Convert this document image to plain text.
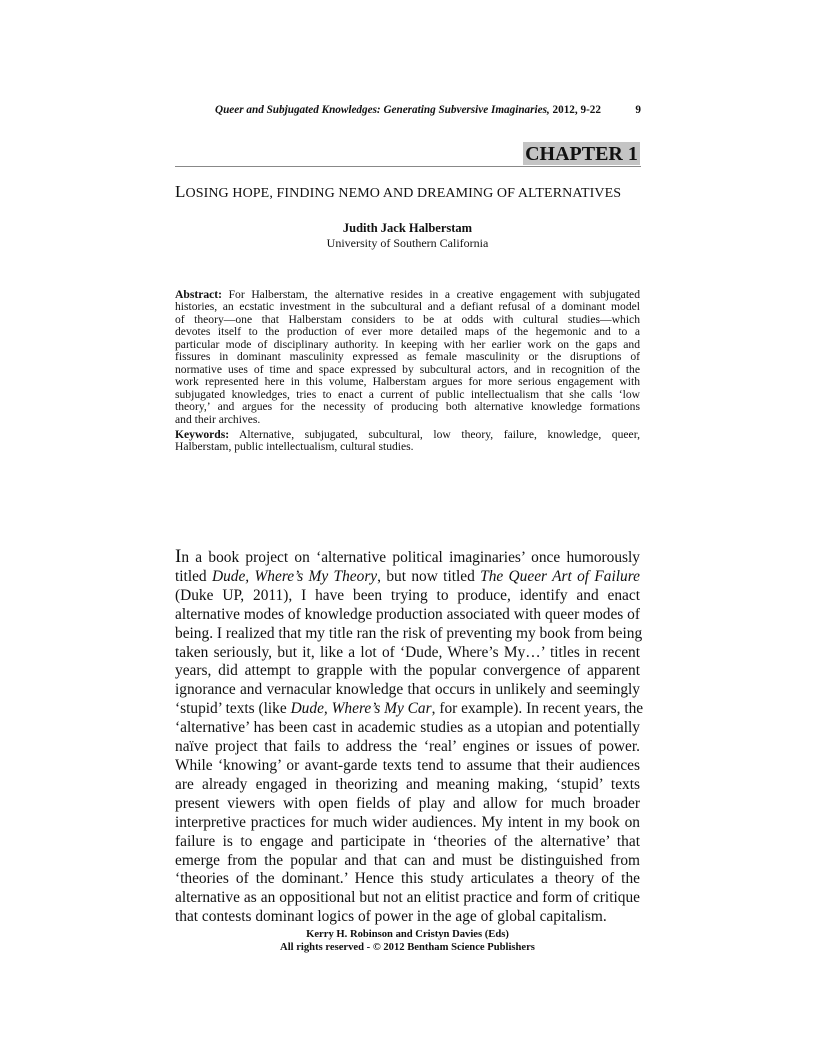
Queer and Subjugated Knowledges: Generating Subversive Imaginaries, 2012, 9-22	9
CHAPTER 1
LOSING HOPE, FINDING NEMO AND DREAMING OF ALTERNATIVES
Judith Jack Halberstam
University of Southern California
Abstract: For Halberstam, the alternative resides in a creative engagement with subjugated
histories, an ecstatic investment in the subcultural and a defiant refusal of a dominant model
of theory—one that Halberstam considers to be at odds with cultural studies—which
devotes itself to the production of ever more detailed maps of the hegemonic and to a
particular mode of disciplinary authority. In keeping with her earlier work on the gaps and
fissures in dominant masculinity expressed as female masculinity or the disruptions of
normative uses of time and space expressed by subcultural actors, and in recognition of the
work represented here in this volume, Halberstam argues for more serious engagement with
subjugated knowledges, tries to enact a current of public intellectualism that she calls ‘low
theory,’ and argues for the necessity of producing both alternative knowledge formations
and their archives.
Keywords: Alternative, subjugated, subcultural, low theory, failure, knowledge, queer,
Halberstam, public intellectualism, cultural studies.
In a book project on ‘alternative political imaginaries’ once humorously
titled Dude, Where’s My Theory, but now titled The Queer Art of Failure
(Duke UP, 2011), I have been trying to produce, identify and enact
alternative modes of knowledge production associated with queer modes of
being. I realized that my title ran the risk of preventing my book from being
taken seriously, but it, like a lot of ‘Dude, Where’s My…’ titles in recent
years, did attempt to grapple with the popular convergence of apparent
ignorance and vernacular knowledge that occurs in unlikely and seemingly
‘stupid’ texts (like Dude, Where’s My Car, for example). In recent years, the
‘alternative’ has been cast in academic studies as a utopian and potentially
naïve project that fails to address the ‘real’ engines or issues of power.
While ‘knowing’ or avant-garde texts tend to assume that their audiences
are already engaged in theorizing and meaning making, ‘stupid’ texts
present viewers with open fields of play and allow for much broader
interpretive practices for much wider audiences. My intent in my book on
failure is to engage and participate in ‘theories of the alternative’ that
emerge from the popular and that can and must be distinguished from
‘theories of the dominant.’ Hence this study articulates a theory of the
alternative as an oppositional but not an elitist practice and form of critique
that contests dominant logics of power in the age of global capitalism.
Kerry H. Robinson and Cristyn Davies (Eds)
All rights reserved - © 2012 Bentham Science Publishers
